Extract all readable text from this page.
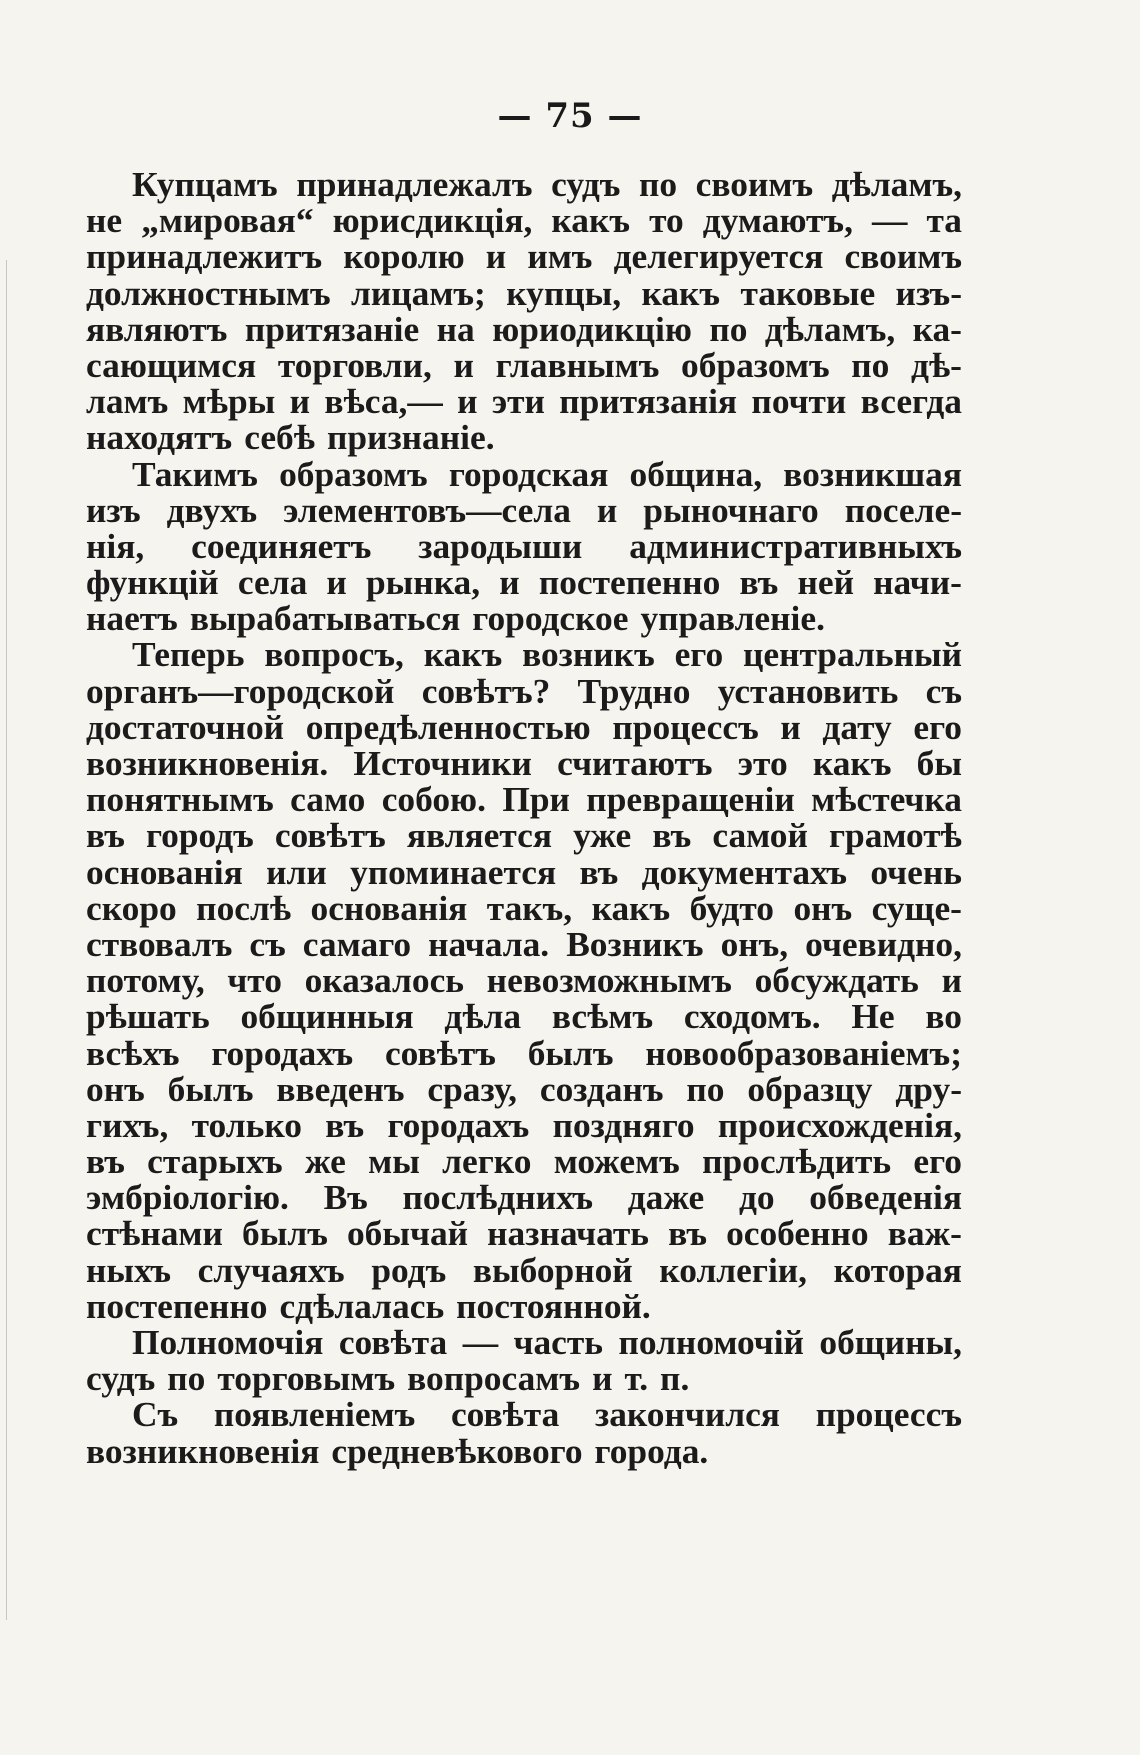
— 75 —
Купцамъ принадлежалъ судъ по своимъ дѣламъ,
не „мировая“ юрисдикція, какъ то думаютъ, — та
принадлежитъ королю и имъ делегируется своимъ
должностнымъ лицамъ; купцы, какъ таковые изъ-
являютъ притязаніе на юриодикцію по дѣламъ, ка-
сающимся торговли, и главнымъ образомъ по дѣ-
ламъ мѣры и вѣса,— и эти притязанія почти всегда
находятъ себѣ признаніе.
Такимъ образомъ городская община, возникшая
изъ двухъ элементовъ—села и рыночнаго поселе-
нія, соединяетъ зародыши административныхъ
функцій села и рынка, и постепенно въ ней начи-
наетъ вырабатываться городское управленіе.
Теперь вопросъ, какъ возникъ его центральный
органъ—городской совѣтъ? Трудно установить съ
достаточной опредѣленностью процессъ и дату его
возникновенія. Источники считаютъ это какъ бы
понятнымъ само собою. При превращеніи мѣстечка
въ городъ совѣтъ является уже въ самой грамотѣ
основанія или упоминается въ документахъ очень
скоро послѣ основанія такъ, какъ будто онъ суще-
ствовалъ съ самаго начала. Возникъ онъ, очевидно,
потому, что оказалось невозможнымъ обсуждать и
рѣшать общинныя дѣла всѣмъ сходомъ. Не во
всѣхъ городахъ совѣтъ былъ новообразованіемъ;
онъ былъ введенъ сразу, созданъ по образцу дру-
гихъ, только въ городахъ поздняго происхожденія,
въ старыхъ же мы легко можемъ прослѣдить его
эмбріологію. Въ послѣднихъ даже до обведенія
стѣнами былъ обычай назначать въ особенно важ-
ныхъ случаяхъ родъ выборной коллегіи, которая
постепенно сдѣлалась постоянной.
Полномочія совѣта — часть полномочій общины,
судъ по торговымъ вопросамъ и т. п.
Съ появленіемъ совѣта закончился процессъ
возникновенія средневѣкового города.
